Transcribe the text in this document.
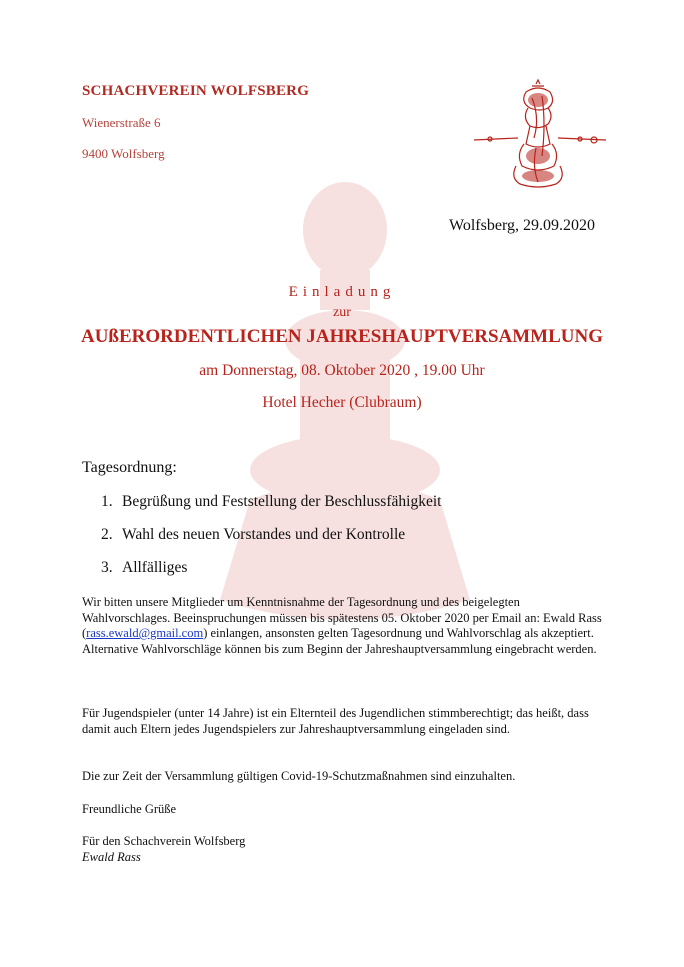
SCHACHVEREIN WOLFSBERG
Wienerstraße 6
9400 Wolfsberg
Wolfsberg, 29.09.2020
Einladung
zur
AUßERORDENTLICHEN JAHRESHAUPTVERSAMMLUNG
am Donnerstag, 08. Oktober 2020 , 19.00 Uhr
Hotel Hecher (Clubraum)
Tagesordnung:
1. Begrüßung und Feststellung der Beschlussfähigkeit
2. Wahl des neuen Vorstandes und der Kontrolle
3. Allfälliges
Wir bitten unsere Mitglieder um Kenntnisnahme der Tagesordnung und des beigelegten Wahlvorschlages. Beeinspruchungen müssen bis spätestens 05. Oktober 2020 per Email an: Ewald Rass (rass.ewald@gmail.com) einlangen, ansonsten gelten Tagesordnung und Wahlvorschlag als akzeptiert.
Alternative Wahlvorschläge können bis zum Beginn der Jahreshauptversammlung eingebracht werden.
Für Jugendspieler (unter 14 Jahre) ist ein Elternteil des Jugendlichen stimmberechtigt; das heißt, dass damit auch Eltern jedes Jugendspielers zur Jahreshauptversammlung eingeladen sind.
Die zur Zeit der Versammlung gültigen Covid-19-Schutzmaßnahmen sind einzuhalten.
Freundliche Grüße
Für den Schachverein Wolfsberg
Ewald Rass
